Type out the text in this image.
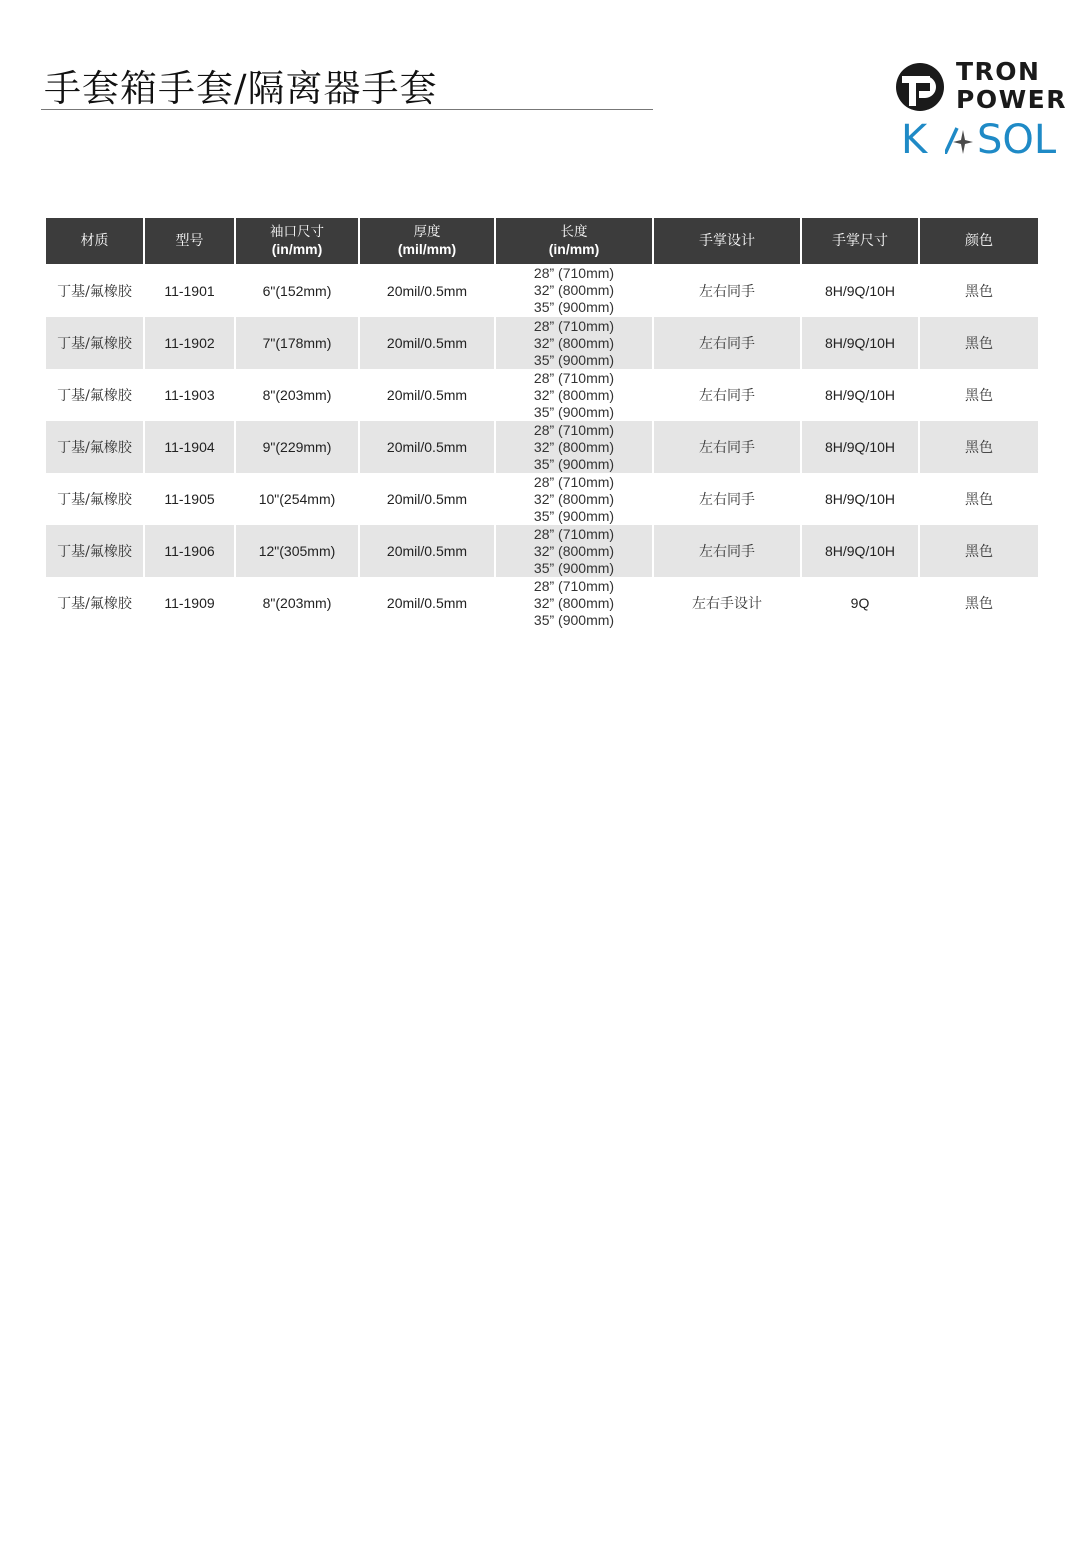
手套箱手套/隔离器手套	TRON
POWER
K SOL
材质	型号	袖口尺寸
(in/mm)	厚度
(mil/mm)	长度
(in/mm)	手掌设计	手掌尺寸	颜色
丁基/氟橡胶	11-1901	6"(152mm)	20mil/0.5mm	28” (710mm)
32” (800mm)
35” (900mm)	左右同手	8H/9Q/10H	黑色
丁基/氟橡胶	11-1902	7"(178mm)	20mil/0.5mm	28” (710mm)
32” (800mm)
35” (900mm)	左右同手	8H/9Q/10H	黑色
丁基/氟橡胶	11-1903	8"(203mm)	20mil/0.5mm	28” (710mm)
32” (800mm)
35” (900mm)	左右同手	8H/9Q/10H	黑色
丁基/氟橡胶	11-1904	9"(229mm)	20mil/0.5mm	28” (710mm)
32” (800mm)
35” (900mm)	左右同手	8H/9Q/10H	黑色
丁基/氟橡胶	11-1905	10"(254mm)	20mil/0.5mm	28” (710mm)
32” (800mm)
35” (900mm)	左右同手	8H/9Q/10H	黑色
丁基/氟橡胶	11-1906	12"(305mm)	20mil/0.5mm	28” (710mm)
32” (800mm)
35” (900mm)	左右同手	8H/9Q/10H	黑色
丁基/氟橡胶	11-1909	8"(203mm)	20mil/0.5mm	28” (710mm)
32” (800mm)
35” (900mm)	左右手设计	9Q	黑色
